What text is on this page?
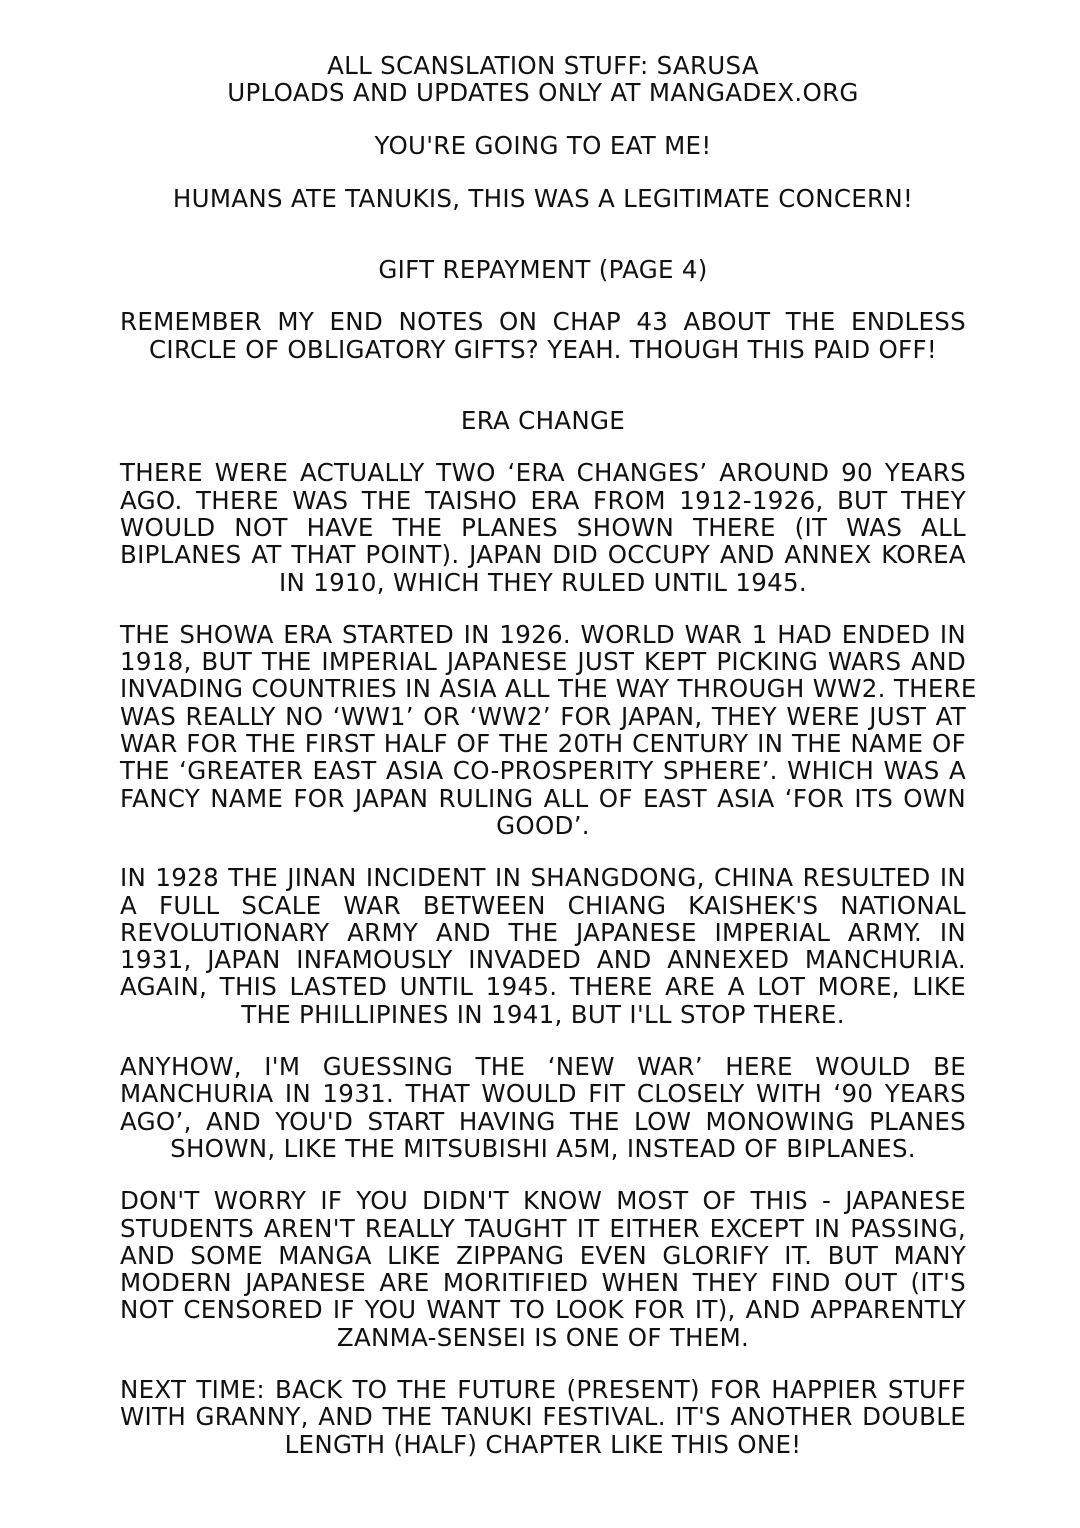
ALL SCANSLATION STUFF: SARUSA
UPLOADS AND UPDATES ONLY AT MANGADEX.ORG
YOU'RE GOING TO EAT ME!
HUMANS ATE TANUKIS, THIS WAS A LEGITIMATE CONCERN!
GIFT REPAYMENT (PAGE 4)
REMEMBER MY END NOTES ON CHAP 43 ABOUT THE ENDLESS
CIRCLE OF OBLIGATORY GIFTS? YEAH. THOUGH THIS PAID OFF!
ERA CHANGE
THERE WERE ACTUALLY TWO ‘ERA CHANGES’ AROUND 90 YEARS
AGO. THERE WAS THE TAISHO ERA FROM 1912-1926, BUT THEY
WOULD NOT HAVE THE PLANES SHOWN THERE (IT WAS ALL
BIPLANES AT THAT POINT). JAPAN DID OCCUPY AND ANNEX KOREA
IN 1910, WHICH THEY RULED UNTIL 1945.
THE SHOWA ERA STARTED IN 1926. WORLD WAR 1 HAD ENDED IN
1918, BUT THE IMPERIAL JAPANESE JUST KEPT PICKING WARS AND
INVADING COUNTRIES IN ASIA ALL THE WAY THROUGH WW2. THERE
WAS REALLY NO ‘WW1’ OR ‘WW2’ FOR JAPAN, THEY WERE JUST AT
WAR FOR THE FIRST HALF OF THE 20TH CENTURY IN THE NAME OF
THE ‘GREATER EAST ASIA CO-PROSPERITY SPHERE’. WHICH WAS A
FANCY NAME FOR JAPAN RULING ALL OF EAST ASIA ‘FOR ITS OWN
GOOD’.
IN 1928 THE JINAN INCIDENT IN SHANGDONG, CHINA RESULTED IN
A FULL SCALE WAR BETWEEN CHIANG KAISHEK'S NATIONAL
REVOLUTIONARY ARMY AND THE JAPANESE IMPERIAL ARMY. IN
1931, JAPAN INFAMOUSLY INVADED AND ANNEXED MANCHURIA.
AGAIN, THIS LASTED UNTIL 1945. THERE ARE A LOT MORE, LIKE
THE PHILLIPINES IN 1941, BUT I'LL STOP THERE.
ANYHOW, I'M GUESSING THE ‘NEW WAR’ HERE WOULD BE
MANCHURIA IN 1931. THAT WOULD FIT CLOSELY WITH ‘90 YEARS
AGO’, AND YOU'D START HAVING THE LOW MONOWING PLANES
SHOWN, LIKE THE MITSUBISHI A5M, INSTEAD OF BIPLANES.
DON'T WORRY IF YOU DIDN'T KNOW MOST OF THIS - JAPANESE
STUDENTS AREN'T REALLY TAUGHT IT EITHER EXCEPT IN PASSING,
AND SOME MANGA LIKE ZIPPANG EVEN GLORIFY IT. BUT MANY
MODERN JAPANESE ARE MORITIFIED WHEN THEY FIND OUT (IT'S
NOT CENSORED IF YOU WANT TO LOOK FOR IT), AND APPARENTLY
ZANMA-SENSEI IS ONE OF THEM.
NEXT TIME: BACK TO THE FUTURE (PRESENT) FOR HAPPIER STUFF
WITH GRANNY, AND THE TANUKI FESTIVAL. IT'S ANOTHER DOUBLE
LENGTH (HALF) CHAPTER LIKE THIS ONE!
